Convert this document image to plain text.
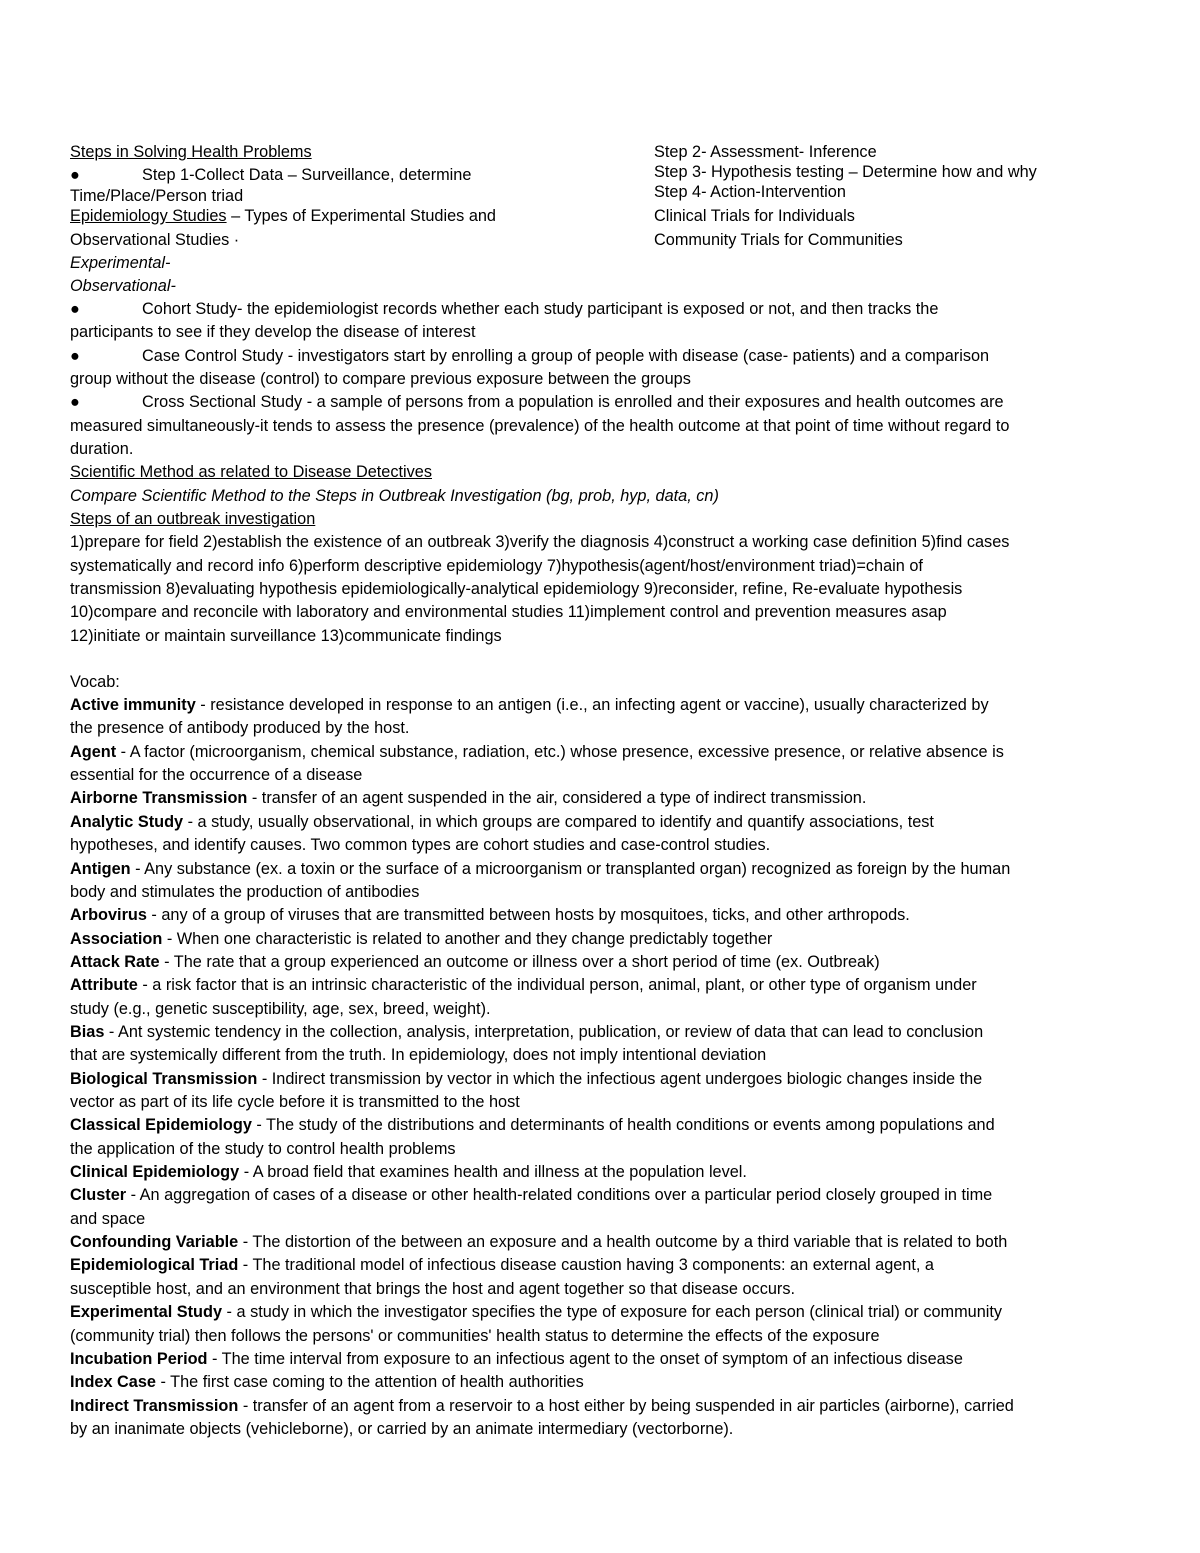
Steps in Solving Health Problems
●	Step 1-Collect Data – Surveillance, determine
Time/Place/Person triad
Epidemiology Studies – Types of Experimental Studies and
Observational Studies ·
Experimental-
Observational-
Step 2- Assessment- Inference
Step 3- Hypothesis testing – Determine how and why
Step 4- Action-Intervention
Clinical Trials for Individuals
Community Trials for Communities
●	Cohort Study- the epidemiologist records whether each study participant is exposed or not, and then tracks the
participants to see if they develop the disease of interest
●	Case Control Study - investigators start by enrolling a group of people with disease (case- patients) and a comparison
group without the disease (control) to compare previous exposure between the groups
●	Cross Sectional Study - a sample of persons from a population is enrolled and their exposures and health outcomes are
measured simultaneously-it tends to assess the presence (prevalence) of the health outcome at that point of time without regard to
duration.
Scientific Method as related to Disease Detectives
Compare Scientific Method to the Steps in Outbreak Investigation (bg, prob, hyp, data, cn)
Steps of an outbreak investigation
1)prepare for field 2)establish the existence of an outbreak 3)verify the diagnosis 4)construct a working case definition 5)find cases
systematically and record info 6)perform descriptive epidemiology 7)hypothesis(agent/host/environment triad)=chain of
transmission 8)evaluating hypothesis epidemiologically-analytical epidemiology 9)reconsider, refine, Re-evaluate hypothesis
10)compare and reconcile with laboratory and environmental studies 11)implement control and prevention measures asap
12)initiate or maintain surveillance 13)communicate findings
Vocab:
Active immunity - resistance developed in response to an antigen (i.e., an infecting agent or vaccine), usually characterized by
the presence of antibody produced by the host.
Agent - A factor (microorganism, chemical substance, radiation, etc.) whose presence, excessive presence, or relative absence is
essential for the occurrence of a disease
Airborne Transmission - transfer of an agent suspended in the air, considered a type of indirect transmission.
Analytic Study - a study, usually observational, in which groups are compared to identify and quantify associations, test
hypotheses, and identify causes. Two common types are cohort studies and case-control studies.
Antigen - Any substance (ex. a toxin or the surface of a microorganism or transplanted organ) recognized as foreign by the human
body and stimulates the production of antibodies
Arbovirus - any of a group of viruses that are transmitted between hosts by mosquitoes, ticks, and other arthropods.
Association - When one characteristic is related to another and they change predictably together
Attack Rate - The rate that a group experienced an outcome or illness over a short period of time (ex. Outbreak)
Attribute - a risk factor that is an intrinsic characteristic of the individual person, animal, plant, or other type of organism under
study (e.g., genetic susceptibility, age, sex, breed, weight).
Bias - Ant systemic tendency in the collection, analysis, interpretation, publication, or review of data that can lead to conclusion
that are systemically different from the truth. In epidemiology, does not imply intentional deviation
Biological Transmission - Indirect transmission by vector in which the infectious agent undergoes biologic changes inside the
vector as part of its life cycle before it is transmitted to the host
Classical Epidemiology - The study of the distributions and determinants of health conditions or events among populations and
the application of the study to control health problems
Clinical Epidemiology - A broad field that examines health and illness at the population level.
Cluster - An aggregation of cases of a disease or other health-related conditions over a particular period closely grouped in time
and space
Confounding Variable - The distortion of the between an exposure and a health outcome by a third variable that is related to both
Epidemiological Triad - The traditional model of infectious disease caustion having 3 components: an external agent, a
susceptible host, and an environment that brings the host and agent together so that disease occurs.
Experimental Study - a study in which the investigator specifies the type of exposure for each person (clinical trial) or community
(community trial) then follows the persons' or communities' health status to determine the effects of the exposure
Incubation Period - The time interval from exposure to an infectious agent to the onset of symptom of an infectious disease
Index Case - The first case coming to the attention of health authorities
Indirect Transmission - transfer of an agent from a reservoir to a host either by being suspended in air particles (airborne), carried
by an inanimate objects (vehicleborne), or carried by an animate intermediary (vectorborne).
